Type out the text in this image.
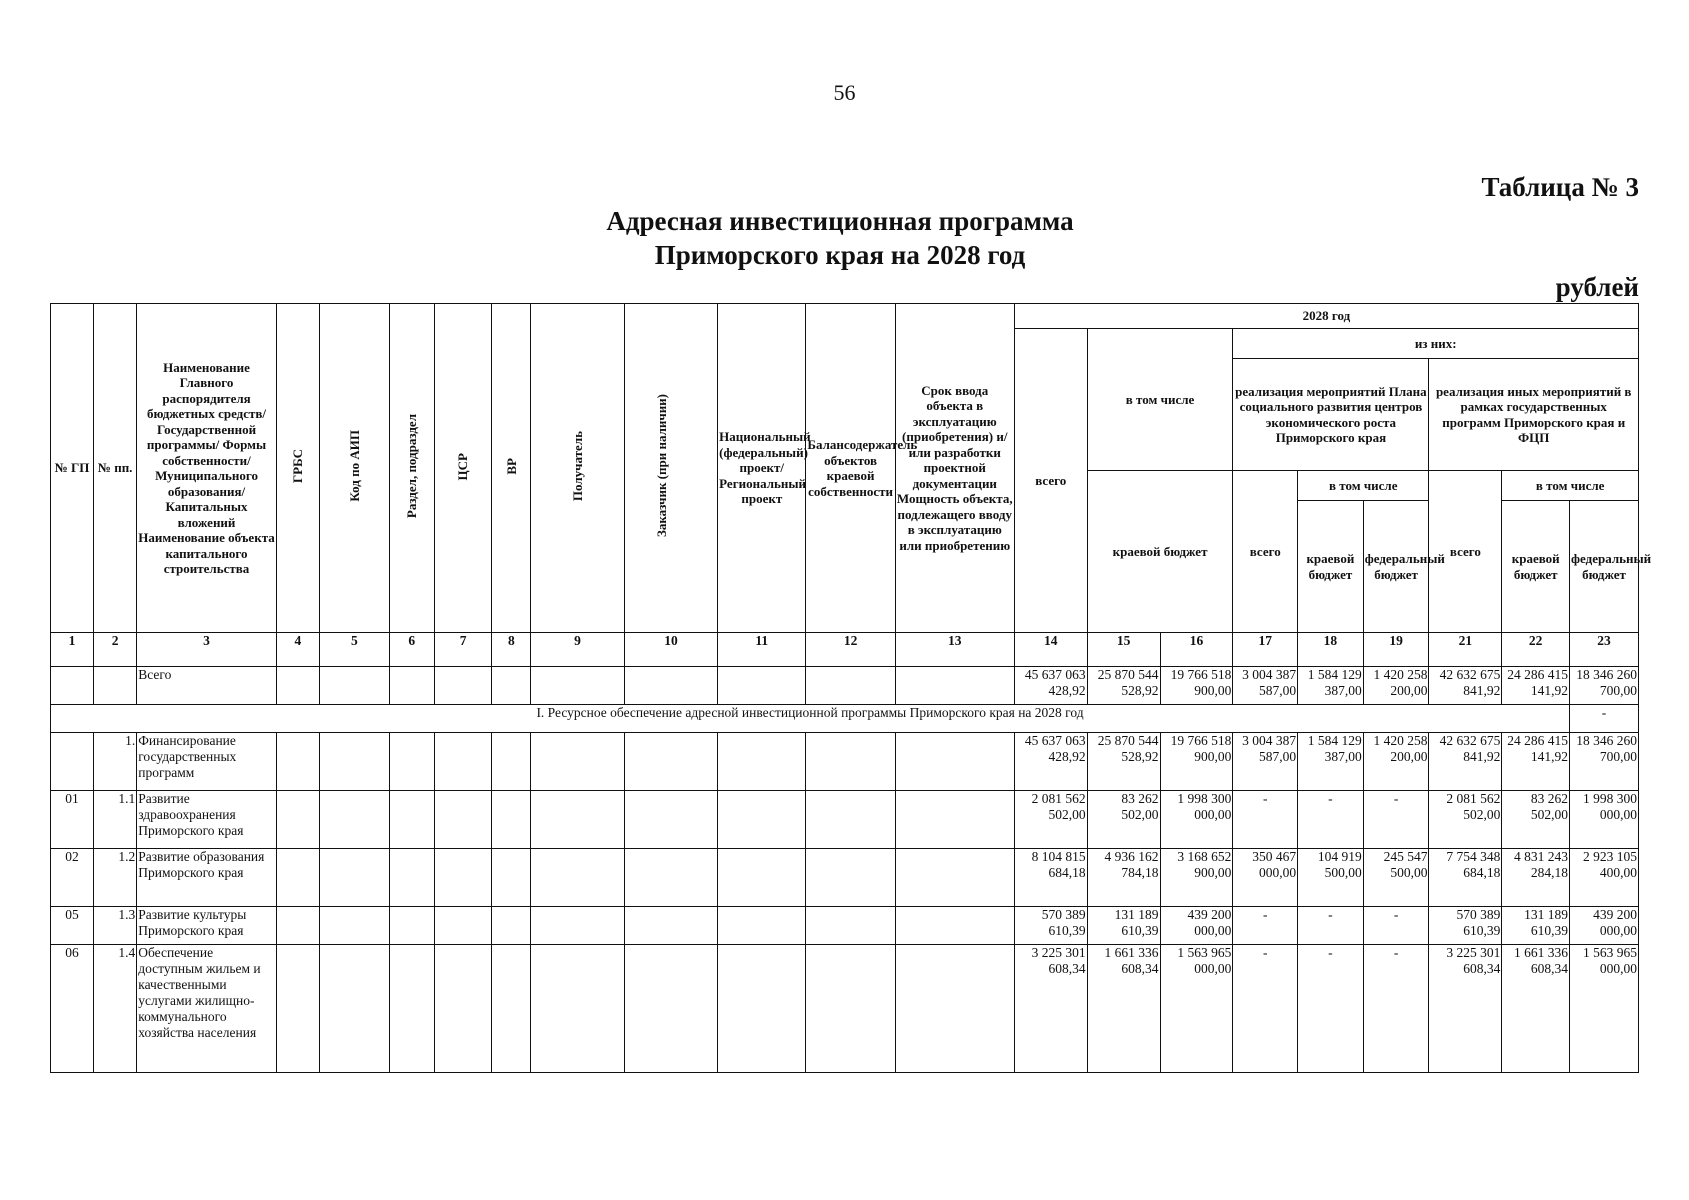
56
Таблица № 3
Адресная инвестиционная программа
Приморского края на 2028 год
рублей
№ ГП	№ пп.	Наименование Главного распорядителя бюджетных средств/Государственной программы/ Формы собственности/Муниципального образования/Капитальных вложений Наименование объекта капитального строительства	ГРБС	Код по АИП	Раздел, подраздел	ЦСР	ВР	Получатель	Заказчик (при наличии)	Национальный (федеральный) проект/ Региональный проект	Балансодержатель объектов краевой собственности	Срок ввода объекта в эксплуатацию (приобретения) и/или разработки проектной документации Мощность объекта, подлежащего вводу в эксплуатацию или приобретению	2028 год								
													всего	в том числе		из них:					
																реализация мероприятий Плана социального развития центров экономического роста Приморского края			реализация иных мероприятий в рамках государственных программ Приморского края и ФЦП		
														краевой бюджет		всего	в том числе		всего	в том числе	
																	краевой бюджет	федеральный бюджет		краевой бюджет	федеральный бюджет
1	2	3	4	5	6	7	8	9	10	11	12	13	14	15	16	17	18	19	21	22	23
		Всего											45 637 063 428,92	25 870 544 528,92	19 766 518 900,00	3 004 387 587,00	1 584 129 387,00	1 420 258 200,00	42 632 675 841,92	24 286 415 141,92	18 346 260 700,00
I. Ресурсное обеспечение адресной инвестиционной программы Приморского края на 2028 год																					-
	1.	Финансирование государственных программ											45 637 063 428,92	25 870 544 528,92	19 766 518 900,00	3 004 387 587,00	1 584 129 387,00	1 420 258 200,00	42 632 675 841,92	24 286 415 141,92	18 346 260 700,00
01	1.1	Развитие здравоохранения Приморского края											2 081 562 502,00	83 262 502,00	1 998 300 000,00	-	-	-	2 081 562 502,00	83 262 502,00	1 998 300 000,00
02	1.2	Развитие образования Приморского края											8 104 815 684,18	4 936 162 784,18	3 168 652 900,00	350 467 000,00	104 919 500,00	245 547 500,00	7 754 348 684,18	4 831 243 284,18	2 923 105 400,00
05	1.3	Развитие культуры Приморского края											570 389 610,39	131 189 610,39	439 200 000,00	-	-	-	570 389 610,39	131 189 610,39	439 200 000,00
06	1.4	Обеспечение доступным жильем и качественными услугами жилищно-коммунального хозяйства населения											3 225 301 608,34	1 661 336 608,34	1 563 965 000,00	-	-	-	3 225 301 608,34	1 661 336 608,34	1 563 965 000,00
